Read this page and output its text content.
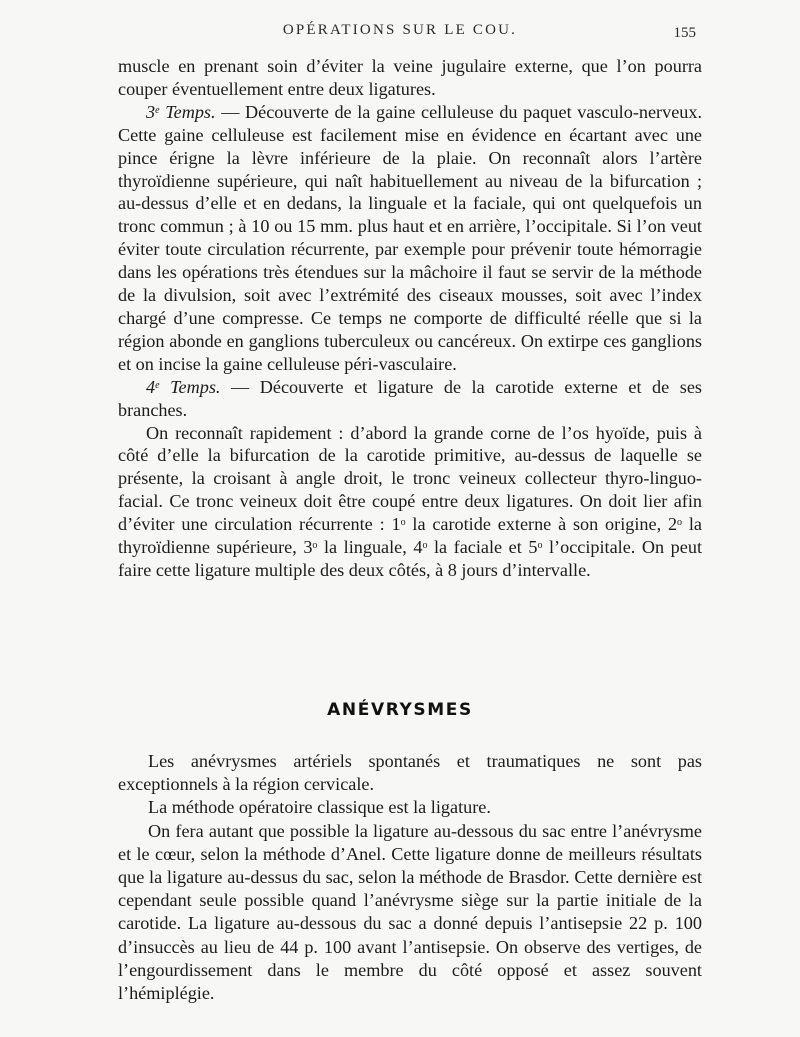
OPÉRATIONS SUR LE COU.	155

muscle en prenant soin d’éviter la veine jugulaire externe, que l’on pourra couper éventuellement entre deux ligatures.

3e Temps. — Découverte de la gaine celluleuse du paquet vasculo-nerveux. Cette gaine celluleuse est facilement mise en évidence en écartant avec une pince érigne la lèvre inférieure de la plaie. On reconnaît alors l’artère thyroïdienne supérieure, qui naît habituellement au niveau de la bifurcation ; au-dessus d’elle et en dedans, la linguale et la faciale, qui ont quelquefois un tronc commun ; à 10 ou 15 mm. plus haut et en arrière, l’occipitale. Si l’on veut éviter toute circulation récurrente, par exemple pour prévenir toute hémorragie dans les opérations très étendues sur la mâchoire il faut se servir de la méthode de la divulsion, soit avec l’extrémité des ciseaux mousses, soit avec l’index chargé d’une compresse. Ce temps ne comporte de difficulté réelle que si la région abonde en ganglions tuberculeux ou cancéreux. On extirpe ces ganglions et on incise la gaine celluleuse péri-vasculaire.

4e Temps. — Découverte et ligature de la carotide externe et de ses branches.

On reconnaît rapidement : d’abord la grande corne de l’os hyoïde, puis à côté d’elle la bifurcation de la carotide primitive, au-dessus de laquelle se présente, la croisant à angle droit, le tronc veineux collecteur thyro-linguo-facial. Ce tronc veineux doit être coupé entre deux ligatures. On doit lier afin d’éviter une circulation récurrente : 1$^o$ la carotide externe à son origine, 2$^o$ la thyroïdienne supérieure, 3$^o$ la linguale, 4$^o$ la faciale et 5$^o$ l’occipitale. On peut faire cette ligature multiple des deux côtés, à 8 jours d’intervalle.

ANÉVRYSMES

Les anévrysmes artériels spontanés et traumatiques ne sont pas exceptionnels à la région cervicale.

La méthode opératoire classique est la ligature.

On fera autant que possible la ligature au-dessous du sac entre l’anévrysme et le cœur, selon la méthode d’Anel. Cette ligature donne de meilleurs résultats que la ligature au-dessus du sac, selon la méthode de Brasdor. Cette dernière est cependant seule possible quand l’anévrysme siège sur la partie initiale de la carotide. La ligature au-dessous du sac a donné depuis l’antisepsie 22 p. 100 d’insuccès au lieu de 44 p. 100 avant l’antisepsie. On observe des vertiges, de l’engourdissement dans le membre du côté opposé et assez souvent l’hémiplégie.
